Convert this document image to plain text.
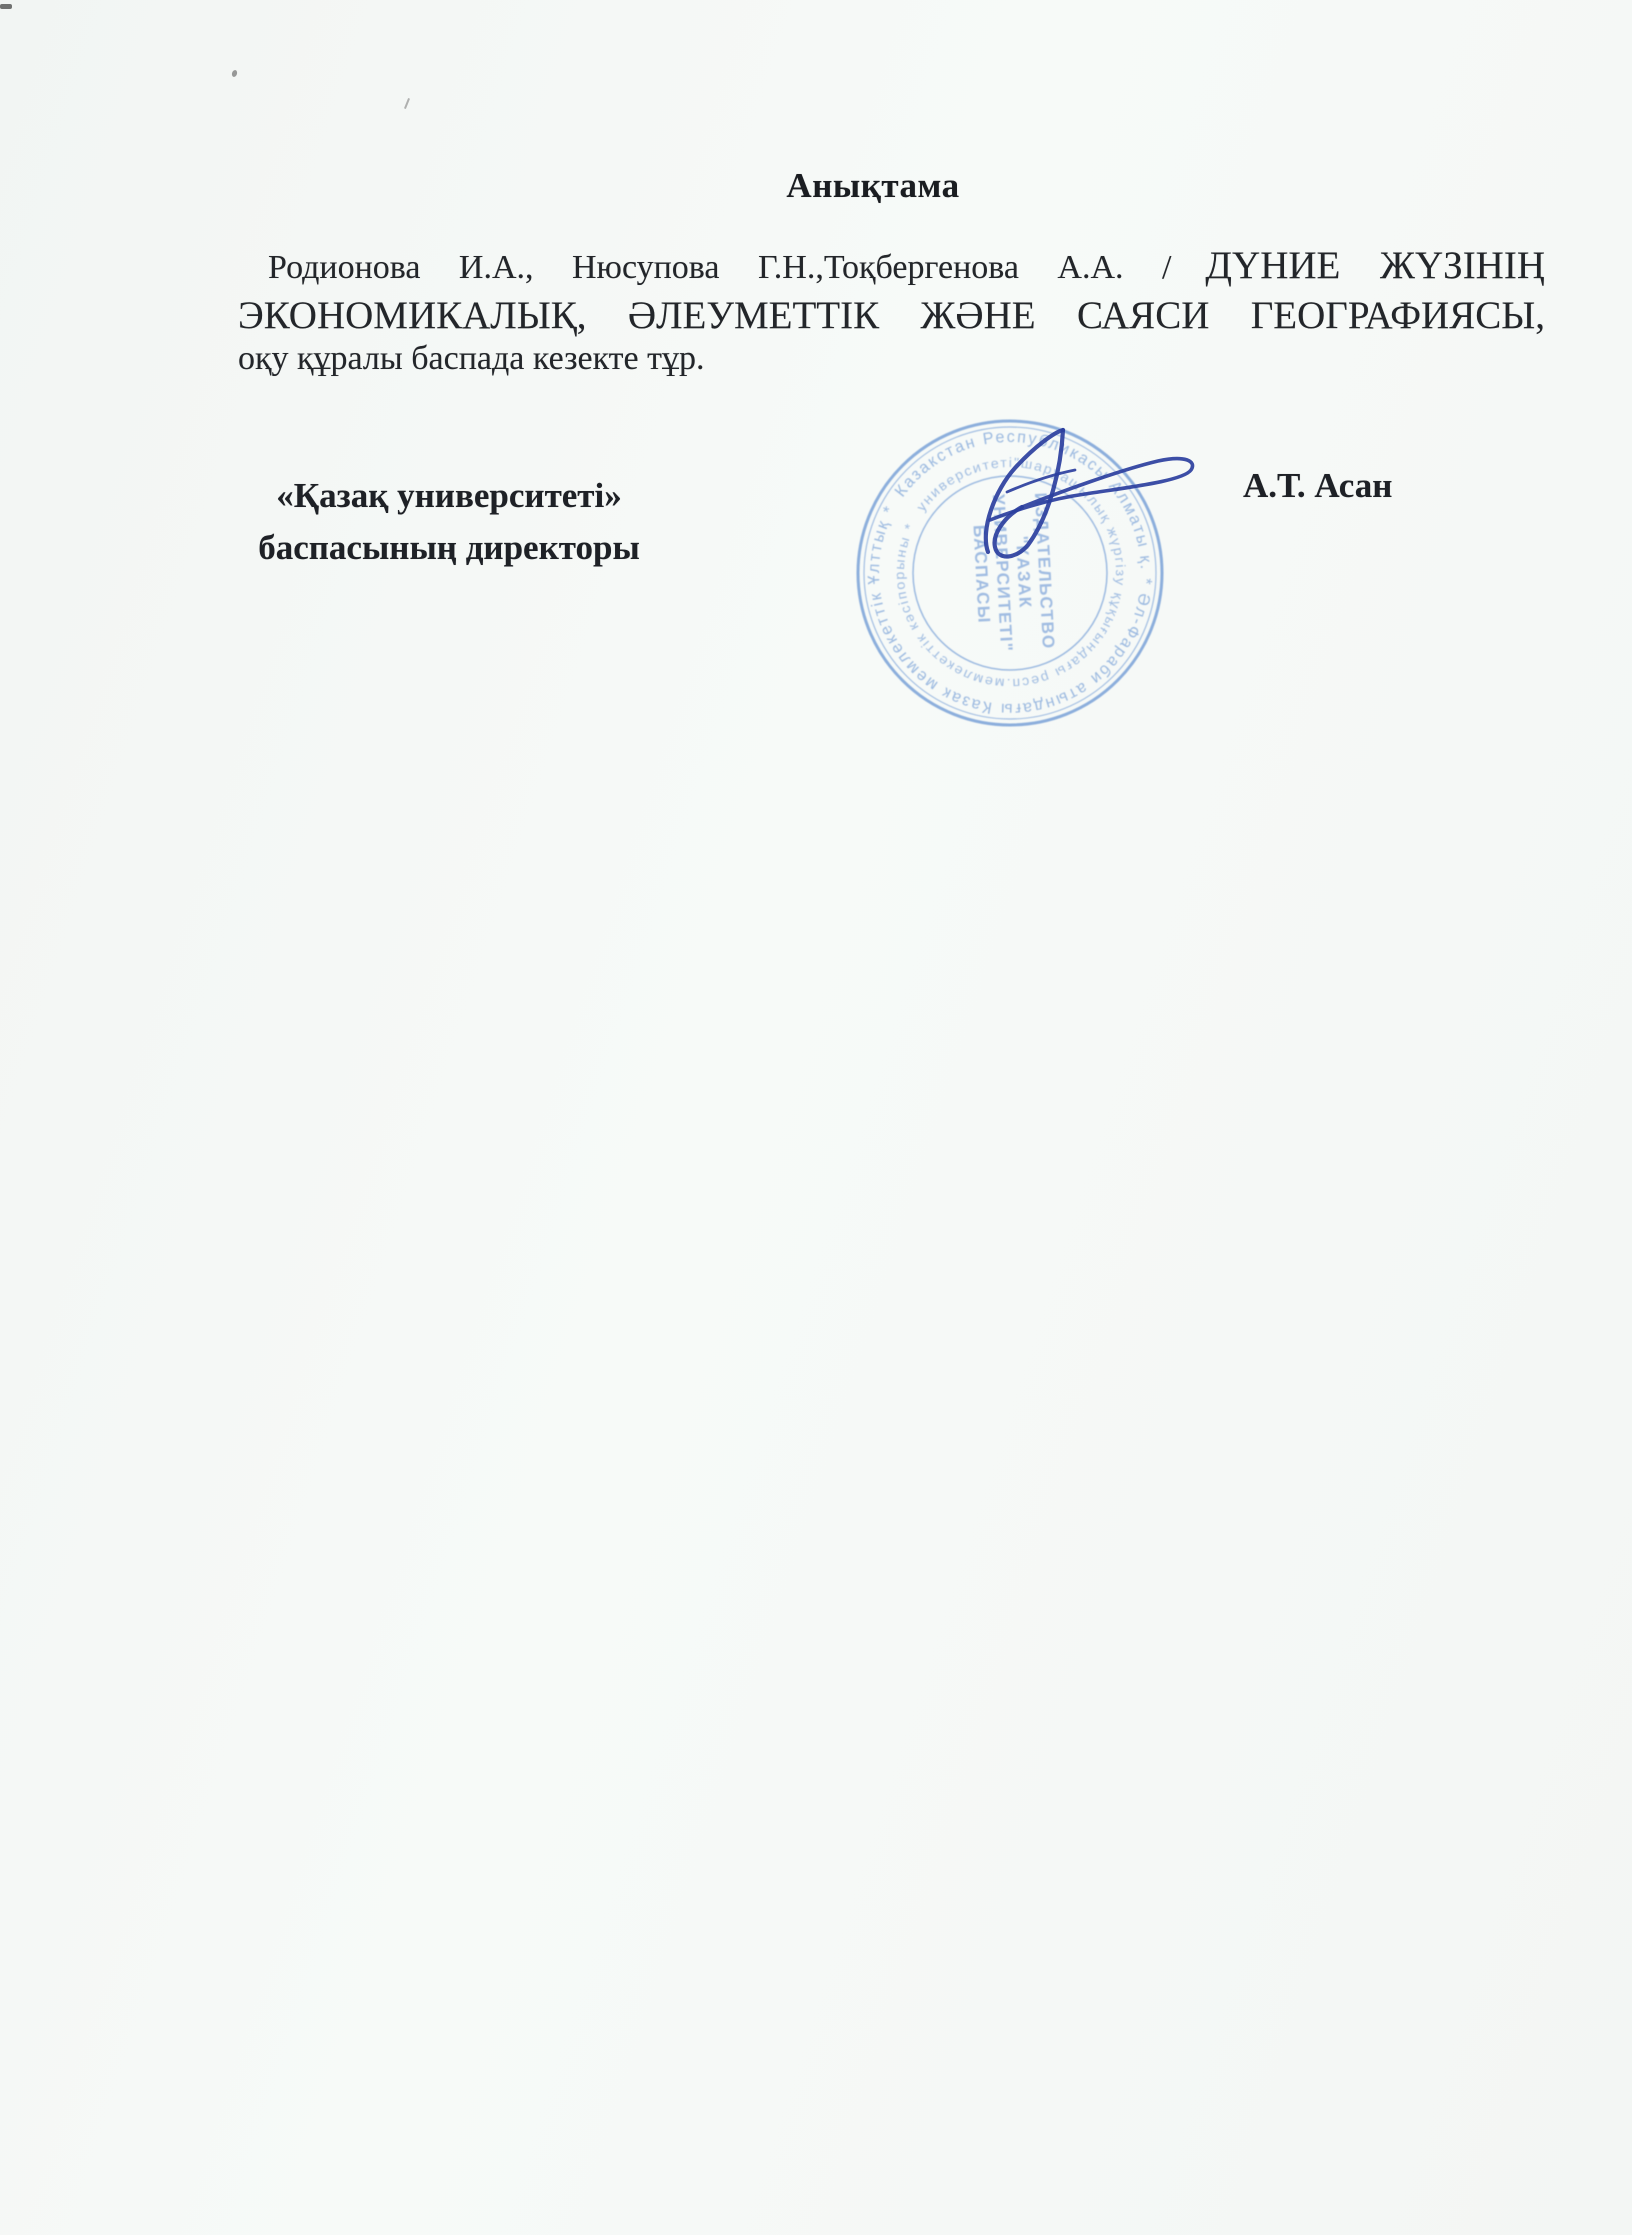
Анықтама
Родионова И.А., Нюсупова Г.Н.,Тоқбергенова А.А. / ДҮНИЕ ЖҮЗІНІҢ
ЭКОНОМИКАЛЫҚ, ӘЛЕУМЕТТІК ЖӘНЕ САЯСИ ГЕОГРАФИЯСЫ,
оқу құралы баспада кезекте тұр.
«Қазақ университеті»
баспасының директоры
А.Т. Асан
Казакстан Республикасы Алматы қ. * Әл-Фараби атындағы Казак мемлекеттік Ұлттық *	университеті"шаруашылық жүргізу құқығындағы респ.мемлекеттік кәсіпорыны *	ИЗДАТЕЛЬСТВО
"КАЗАК
УНИВЕРСИТЕТІ"
БАСПАСЫ
